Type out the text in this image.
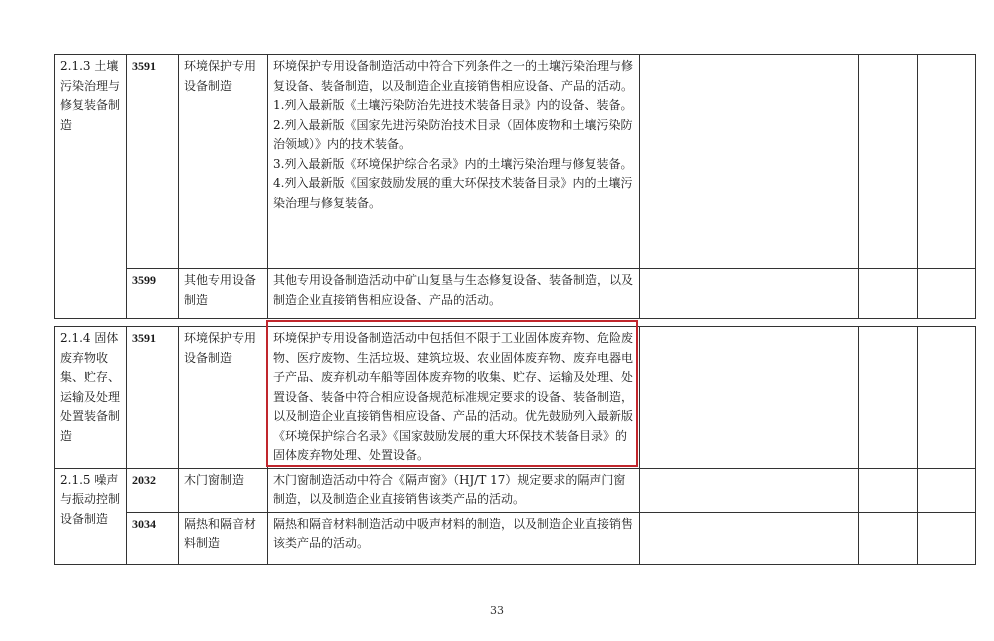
2.1.3 土壤污染治理与修复装备制造	3591	环境保护专用设备制造	环境保护专用设备制造活动中符合下列条件之一的土壤污染治理与修复设备、装备制造，以及制造企业直接销售相应设备、产品的活动。

1.列入最新版《土壤污染防治先进技术装备目录》内的设备、装备。

2.列入最新版《国家先进污染防治技术目录（固体废物和土壤污染防治领域）》内的技术装备。

3.列入最新版《环境保护综合名录》内的土壤污染治理与修复装备。

4.列入最新版《国家鼓励发展的重大环保技术装备目录》内的土壤污染治理与修复装备。			

	3599	其他专用设备制造	其他专用设备制造活动中矿山复垦与生态修复设备、装备制造，以及制造企业直接销售相应设备、产品的活动。			

2.1.4 固体废弃物收集、贮存、运输及处理处置装备制造	3591	环境保护专用设备制造	环境保护专用设备制造活动中包括但不限于工业固体废弃物、危险废物、医疗废物、生活垃圾、建筑垃圾、农业固体废弃物、废弃电器电子产品、废弃机动车船等固体废弃物的收集、贮存、运输及处理、处置设备、装备中符合相应设备规范标准规定要求的设备、装备制造，以及制造企业直接销售相应设备、产品的活动。优先鼓励列入最新版《环境保护综合名录》《国家鼓励发展的重大环保技术装备目录》的固体废弃物处理、处置设备。			

2.1.5 噪声与振动控制设备制造	2032	木门窗制造	木门窗制造活动中符合《隔声窗》（HJ/T 17）规定要求的隔声门窗制造，以及制造企业直接销售该类产品的活动。			

	3034	隔热和隔音材料制造	隔热和隔音材料制造活动中吸声材料的制造，以及制造企业直接销售该类产品的活动。			

33
